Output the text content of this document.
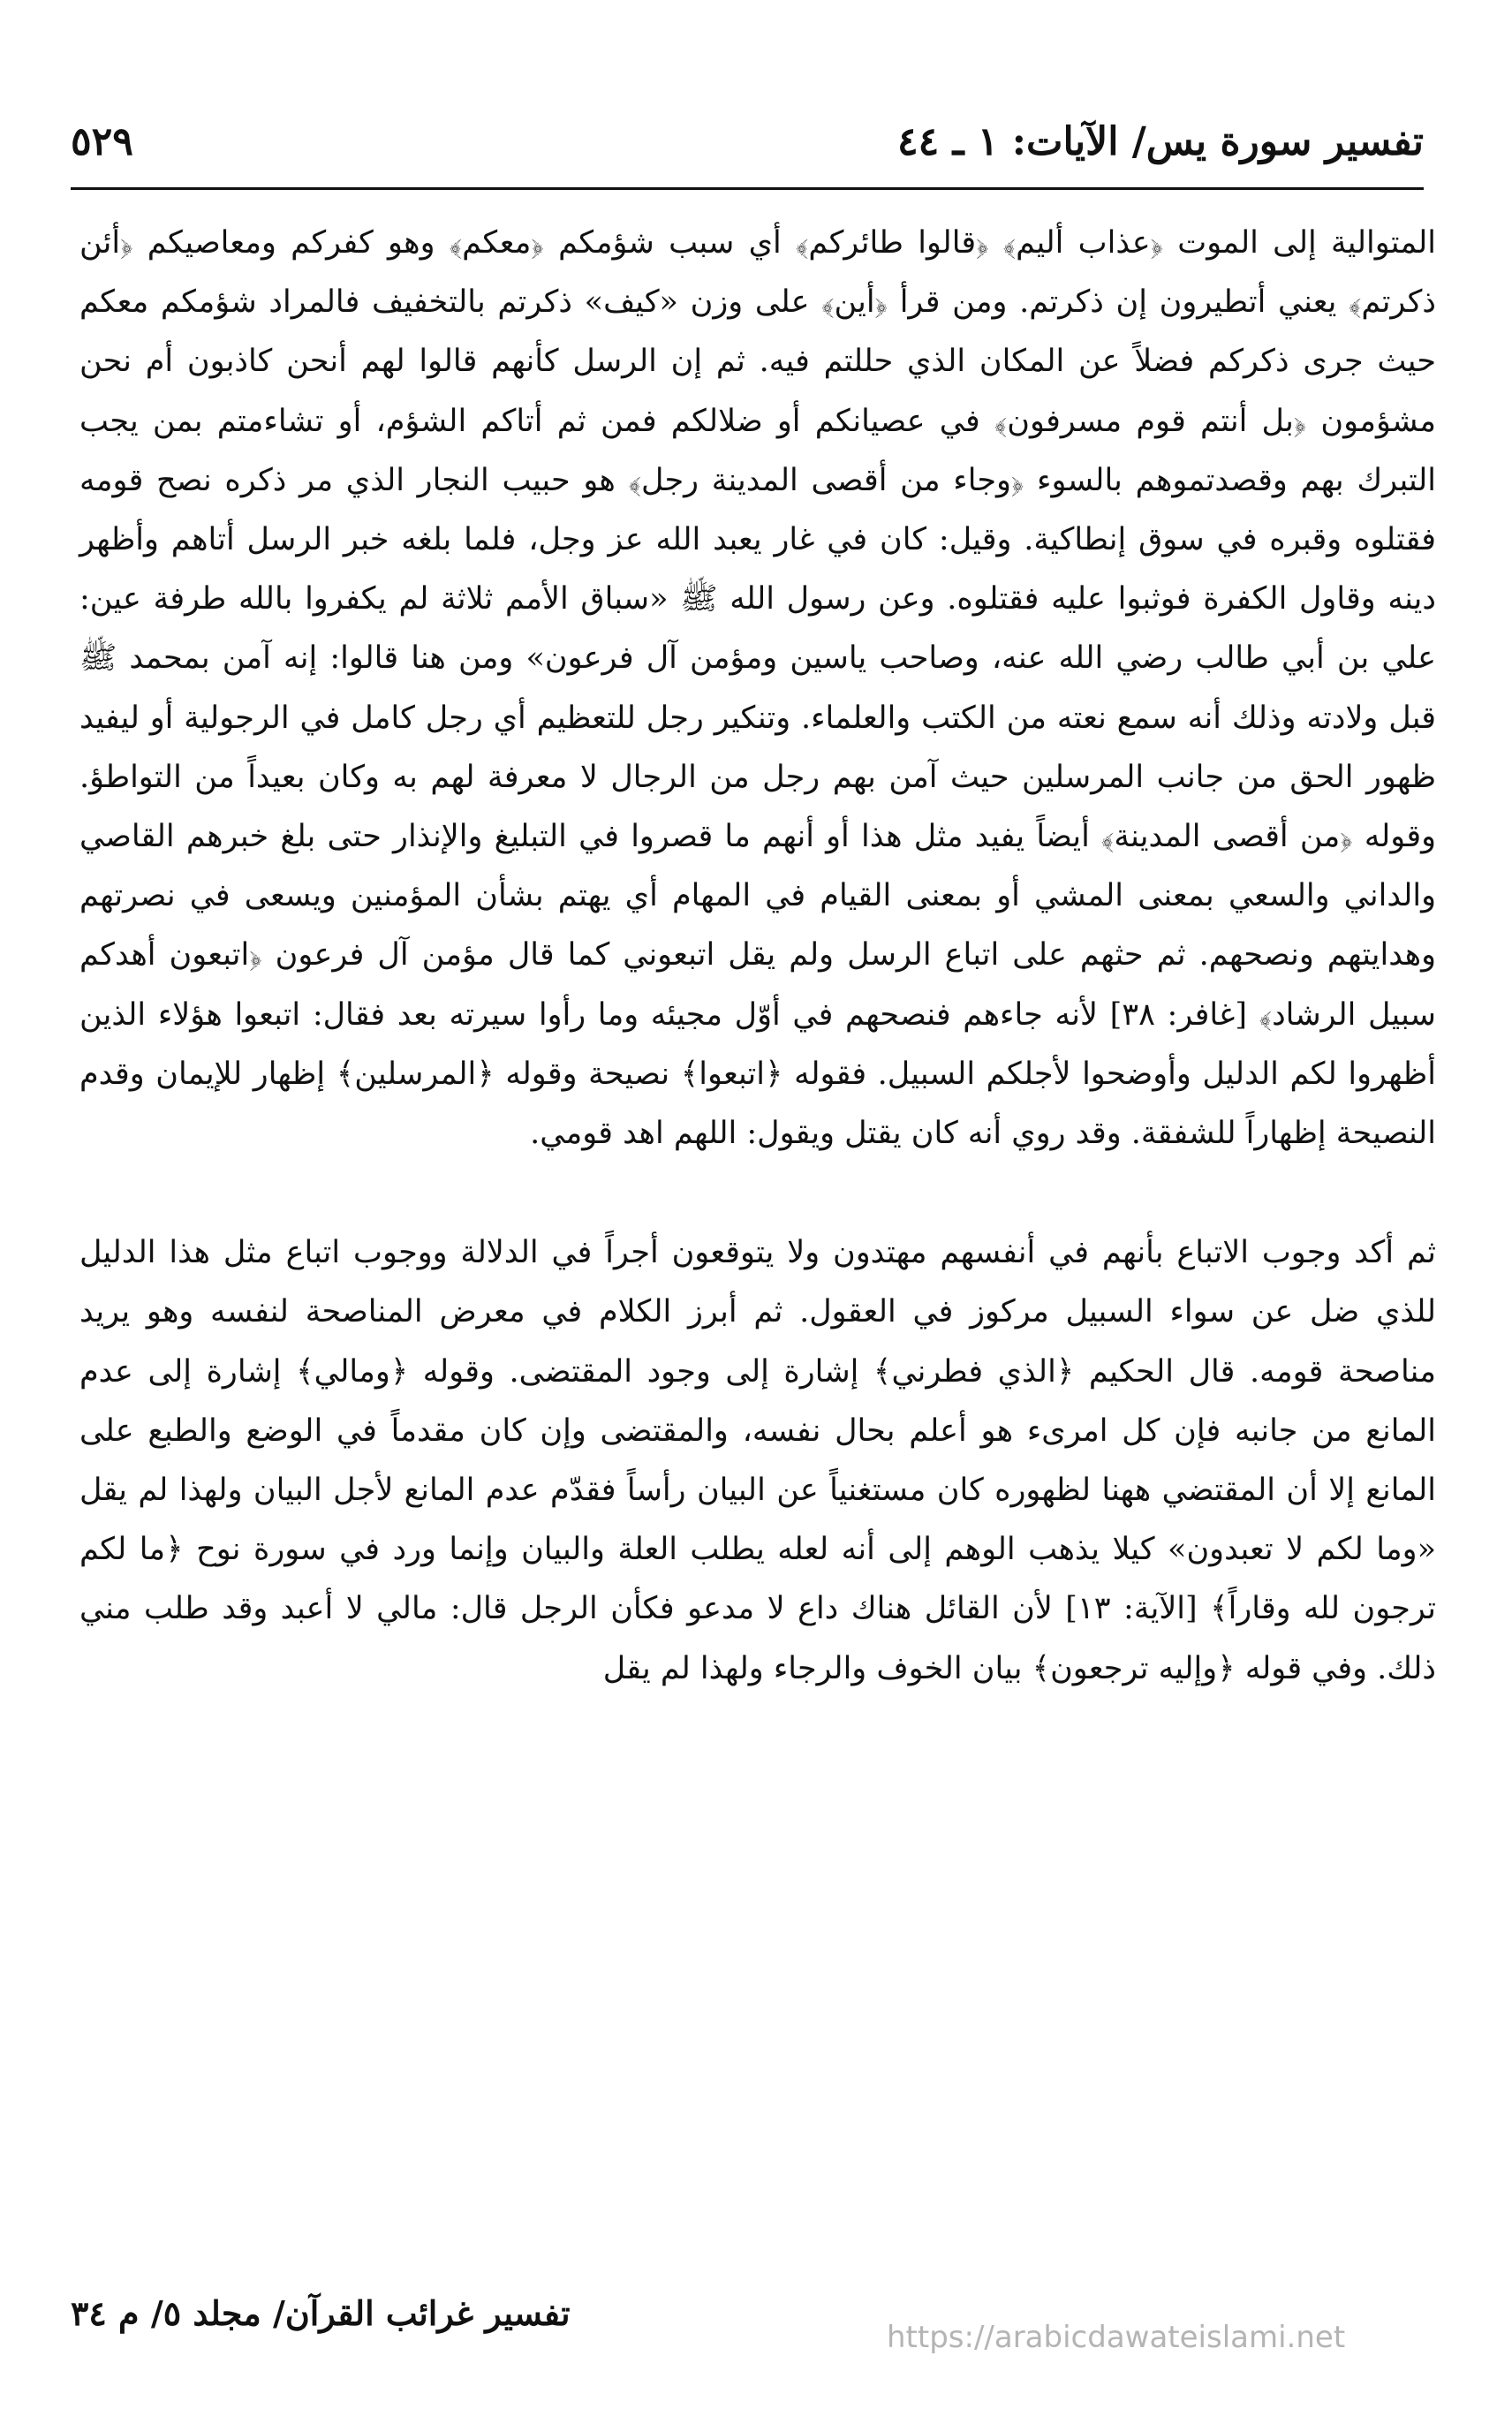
تفسير سورة يس/ الآيات: ١ ـ ٤٤
٥٢٩

المتوالية إلى الموت ﴿عذاب أليم﴾ ﴿قالوا طائركم﴾ أي سبب شؤمكم ﴿معكم﴾ وهو كفركم ومعاصيكم ﴿أئن ذكرتم﴾ يعني أتطيرون إن ذكرتم. ومن قرأ ﴿أين﴾ على وزن «كيف» ذكرتم بالتخفيف فالمراد شؤمكم معكم حيث جرى ذكركم فضلاً عن المكان الذي حللتم فيه. ثم إن الرسل كأنهم قالوا لهم أنحن كاذبون أم نحن مشؤمون ﴿بل أنتم قوم مسرفون﴾ في عصيانكم أو ضلالكم فمن ثم أتاكم الشؤم، أو تشاءمتم بمن يجب التبرك بهم وقصدتموهم بالسوء ﴿وجاء من أقصى المدينة رجل﴾ هو حبيب النجار الذي مر ذكره نصح قومه فقتلوه وقبره في سوق إنطاكية. وقيل: كان في غار يعبد الله عز وجل، فلما بلغه خبر الرسل أتاهم وأظهر دينه وقاول الكفرة فوثبوا عليه فقتلوه. وعن رسول الله ﷺ «سباق الأمم ثلاثة لم يكفروا بالله طرفة عين: علي بن أبي طالب رضي الله عنه، وصاحب ياسين ومؤمن آل فرعون» ومن هنا قالوا: إنه آمن بمحمد ﷺ قبل ولادته وذلك أنه سمع نعته من الكتب والعلماء. وتنكير رجل للتعظيم أي رجل كامل في الرجولية أو ليفيد ظهور الحق من جانب المرسلين حيث آمن بهم رجل من الرجال لا معرفة لهم به وكان بعيداً من التواطؤ. وقوله ﴿من أقصى المدينة﴾ أيضاً يفيد مثل هذا أو أنهم ما قصروا في التبليغ والإنذار حتى بلغ خبرهم القاصي والداني والسعي بمعنى المشي أو بمعنى القيام في المهام أي يهتم بشأن المؤمنين ويسعى في نصرتهم وهدايتهم ونصحهم. ثم حثهم على اتباع الرسل ولم يقل اتبعوني كما قال مؤمن آل فرعون ﴿اتبعون أهدكم سبيل الرشاد﴾ [غافر: ٣٨] لأنه جاءهم فنصحهم في أوّل مجيئه وما رأوا سيرته بعد فقال: اتبعوا هؤلاء الذين أظهروا لكم الدليل وأوضحوا لأجلكم السبيل. فقوله ﴿اتبعوا﴾ نصيحة وقوله ﴿المرسلين﴾ إظهار للإيمان وقدم النصيحة إظهاراً للشفقة. وقد روي أنه كان يقتل ويقول: اللهم اهد قومي.

ثم أكد وجوب الاتباع بأنهم في أنفسهم مهتدون ولا يتوقعون أجراً في الدلالة ووجوب اتباع مثل هذا الدليل للذي ضل عن سواء السبيل مركوز في العقول. ثم أبرز الكلام في معرض المناصحة لنفسه وهو يريد مناصحة قومه. قال الحكيم ﴿الذي فطرني﴾ إشارة إلى وجود المقتضى. وقوله ﴿ومالي﴾ إشارة إلى عدم المانع من جانبه فإن كل امرىء هو أعلم بحال نفسه، والمقتضى وإن كان مقدماً في الوضع والطبع على المانع إلا أن المقتضي ههنا لظهوره كان مستغنياً عن البيان رأساً فقدّم عدم المانع لأجل البيان ولهذا لم يقل «وما لكم لا تعبدون» كيلا يذهب الوهم إلى أنه لعله يطلب العلة والبيان وإنما ورد في سورة نوح ﴿ما لكم ترجون لله وقاراً﴾ [الآية: ١٣] لأن القائل هناك داع لا مدعو فكأن الرجل قال: مالي لا أعبد وقد طلب مني ذلك. وفي قوله ﴿وإليه ترجعون﴾ بيان الخوف والرجاء ولهذا لم يقل

تفسير غرائب القرآن/ مجلد ٥/ م ٣٤
https://arabicdawateislami.net
